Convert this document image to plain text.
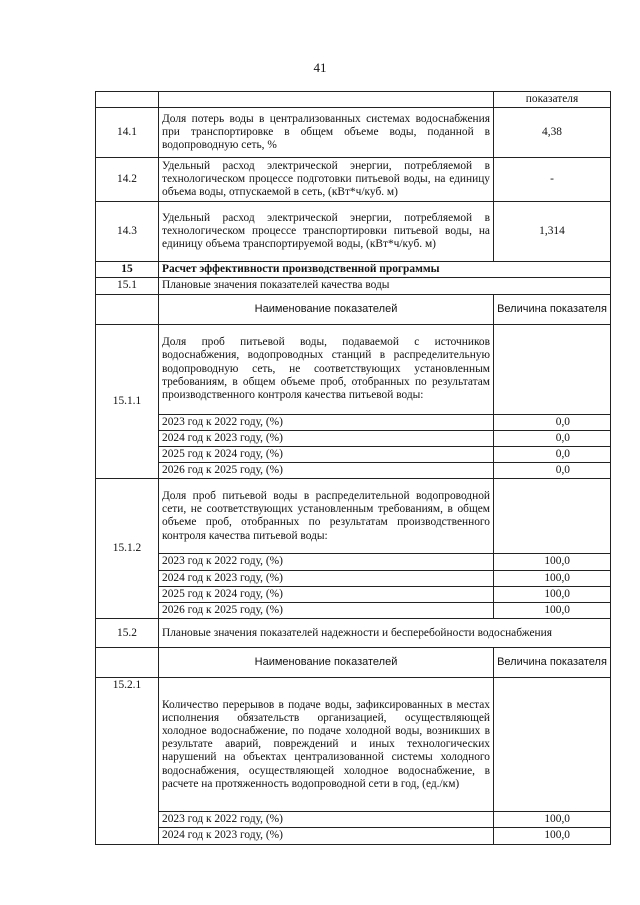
41
		показателя
14.1	Доля потерь воды в централизованных системах водоснабжения при транспортировке в общем объеме воды, поданной в водопроводную сеть, %	4,38
14.2	Удельный расход электрической энергии, потребляемой в технологическом процессе подготовки питьевой воды, на единицу объема воды, отпускаемой в сеть, (кВт*ч/куб. м)	-
14.3	Удельный расход электрической энергии, потребляемой в технологическом процессе транспортировки питьевой воды, на единицу объема транспортируемой воды, (кВт*ч/куб. м)	1,314
15	Расчет эффективности производственной программы	
15.1	Плановые значения показателей качества воды	
	Наименование показателей	Величина показателя
15.1.1	Доля проб питьевой воды, подаваемой с источников водоснабжения, водопроводных станций в распределительную водопроводную сеть, не соответствующих установленным требованиям, в общем объеме проб, отобранных по результатам производственного контроля качества питьевой воды:	
	2023 год к 2022 году, (%)	0,0
	2024 год к 2023 году, (%)	0,0
	2025 год к 2024 году, (%)	0,0
	2026 год к 2025 году, (%)	0,0
15.1.2	Доля проб питьевой воды в распределительной водопроводной сети, не соответствующих установленным требованиям, в общем объеме проб, отобранных по результатам производственного контроля качества питьевой воды:	
	2023 год к 2022 году, (%)	100,0
	2024 год к 2023 году, (%)	100,0
	2025 год к 2024 году, (%)	100,0
	2026 год к 2025 году, (%)	100,0
15.2	Плановые значения показателей надежности и бесперебойности водоснабжения	
	Наименование показателей	Величина показателя
15.2.1	Количество перерывов в подаче воды, зафиксированных в местах исполнения обязательств организацией, осуществляющей холодное водоснабжение, по подаче холодной воды, возникших в результате аварий, повреждений и иных технологических нарушений на объектах централизованной системы холодного водоснабжения, осуществляющей холодное водоснабжение, в расчете на протяженность водопроводной сети в год, (ед./км)	
	2023 год к 2022 году, (%)	100,0
	2024 год к 2023 году, (%)	100,0
